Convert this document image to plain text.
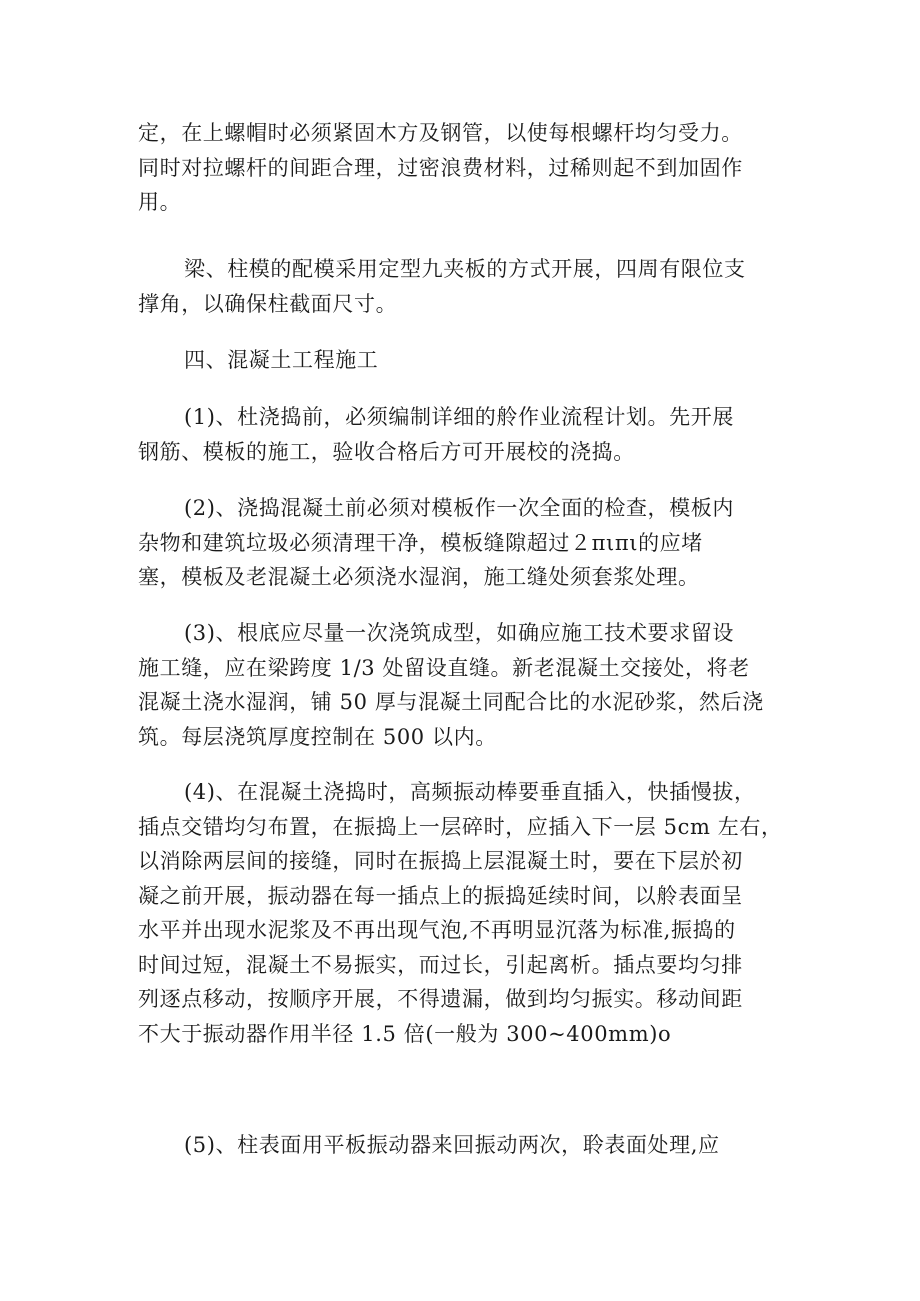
定，在上螺帽时必须紧固木方及钢管，以使每根螺杆均匀受力。
同时对拉螺杆的间距合理，过密浪费材料，过稀则起不到加固作
用。

梁、柱模的配模采用定型九夹板的方式开展，四周有限位支
撑角，以确保柱截面尺寸。

四、混凝土工程施工

(1)、杜浇捣前，必须编制详细的舲作业流程计划。先开展
钢筋、模板的施工，验收合格后方可开展校的浇捣。

(2)、浇捣混凝土前必须对模板作一次全面的检查，模板内
杂物和建筑垃圾必须清理干净，模板缝隙超过２πιπι的应堵
塞，模板及老混凝土必须浇水湿润，施工缝处须套浆处理。

(3)、根底应尽量一次浇筑成型，如确应施工技术要求留设
施工缝，应在梁跨度 1/3 处留设直缝。新老混凝土交接处，将老
混凝土浇水湿润，铺 50 厚与混凝土同配合比的水泥砂浆，然后浇
筑。每层浇筑厚度控制在 500 以内。

(4)、在混凝土浇捣时，高频振动棒要垂直插入，快插慢拔，
插点交错均匀布置，在振捣上一层碎时，应插入下一层 5cm 左右，
以消除两层间的接缝，同时在振捣上层混凝土时，要在下层於初
凝之前开展，振动器在每一插点上的振捣延续时间，以舲表面呈
水平并出现水泥浆及不再出现气泡,不再明显沉落为标准,振捣的
时间过短，混凝土不易振实，而过长，引起离析。插点要均匀排
列逐点移动，按顺序开展，不得遗漏，做到均匀振实。移动间距
不大于振动器作用半径 1.5 倍(一般为 300~400mm)o

(5)、柱表面用平板振动器来回振动两次，聆表面处理,应
